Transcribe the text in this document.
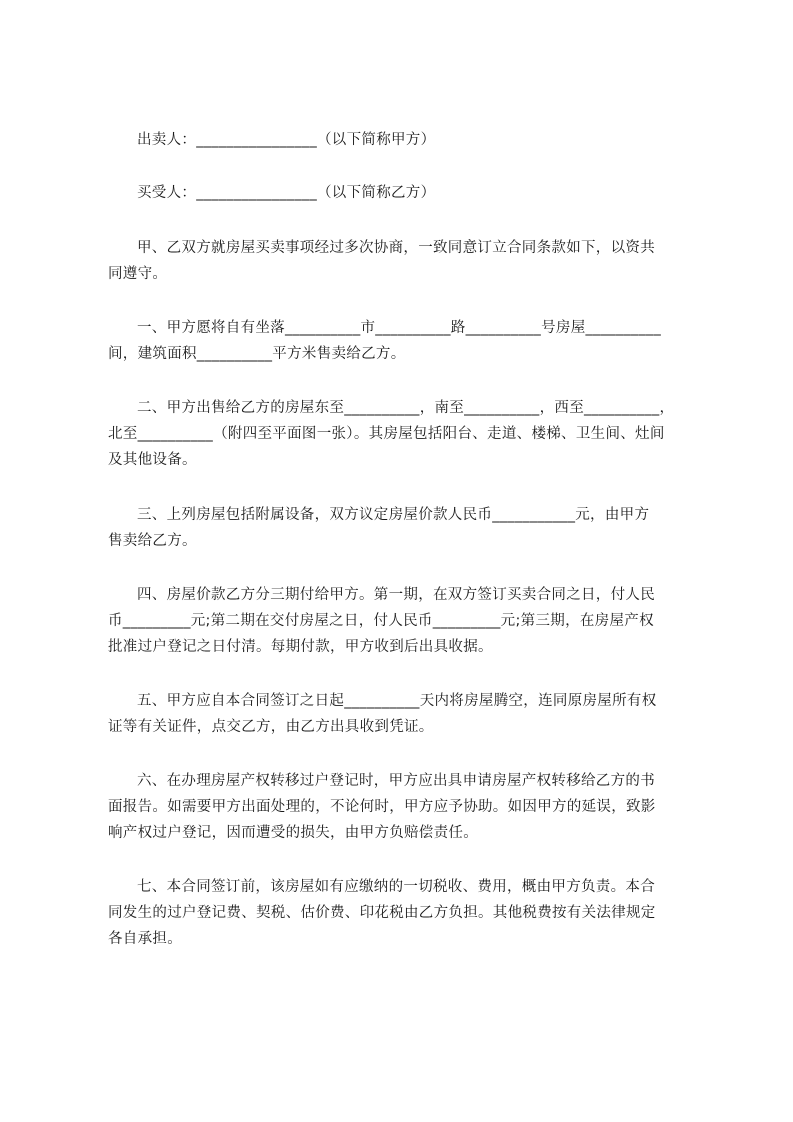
出卖人：________________（以下简称甲方）
买受人：________________（以下简称乙方）
甲、乙双方就房屋买卖事项经过多次协商，一致同意订立合同条款如下，以资共
同遵守。
一、甲方愿将自有坐落__________市__________路__________号房屋__________
间，建筑面积__________平方米售卖给乙方。
二、甲方出售给乙方的房屋东至__________，南至__________，西至__________，
北至__________（附四至平面图一张）。其房屋包括阳台、走道、楼梯、卫生间、灶间
及其他设备。
三、上列房屋包括附属设备，双方议定房屋价款人民币___________元，由甲方
售卖给乙方。
四、房屋价款乙方分三期付给甲方。第一期，在双方签订买卖合同之日，付人民
币_________元;第二期在交付房屋之日，付人民币_________元;第三期，在房屋产权
批准过户登记之日付清。每期付款，甲方收到后出具收据。
五、甲方应自本合同签订之日起__________天内将房屋腾空，连同原房屋所有权
证等有关证件，点交乙方，由乙方出具收到凭证。
六、在办理房屋产权转移过户登记时，甲方应出具申请房屋产权转移给乙方的书
面报告。如需要甲方出面处理的，不论何时，甲方应予协助。如因甲方的延误，致影
响产权过户登记，因而遭受的损失，由甲方负赔偿责任。
七、本合同签订前，该房屋如有应缴纳的一切税收、费用，概由甲方负责。本合
同发生的过户登记费、契税、估价费、印花税由乙方负担。其他税费按有关法律规定
各自承担。
